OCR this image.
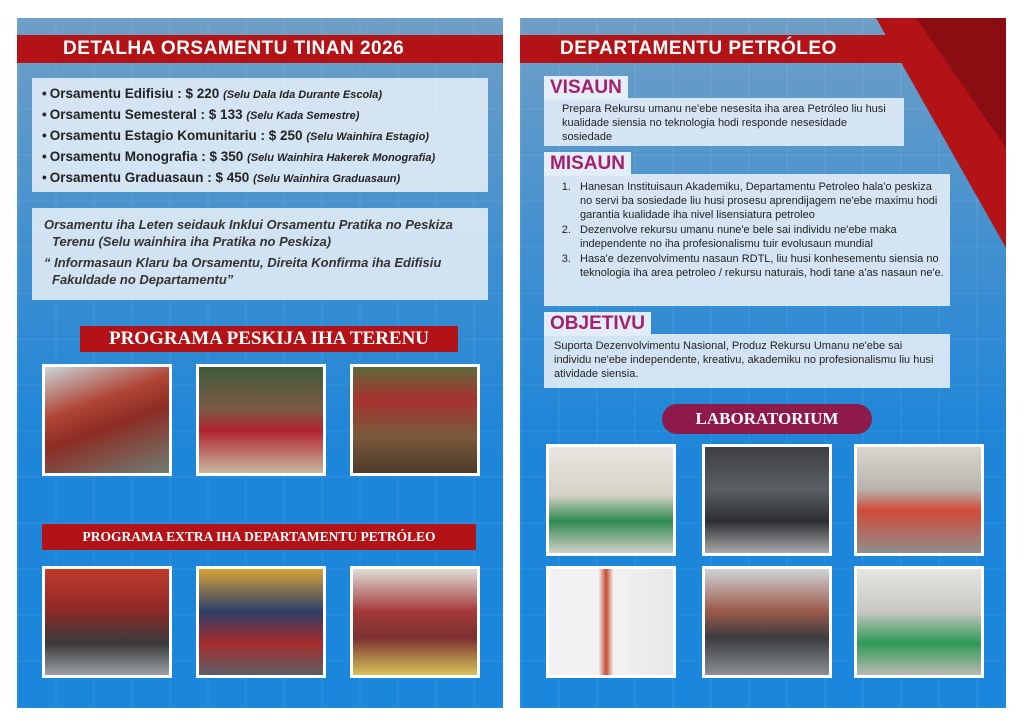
DETALHA ORSAMENTU TINAN 2026
• Orsamentu Edifisiu : $ 220 (Selu Dala Ida Durante Escola)
• Orsamentu Semesteral : $ 133 (Selu Kada Semestre)
• Orsamentu Estagio Komunitariu : $ 250 (Selu Wainhira Estagio)
• Orsamentu Monografia : $ 350 (Selu Wainhira Hakerek Monografia)
• Orsamentu Graduasaun : $ 450 (Selu Wainhira Graduasaun)

Orsamentu iha Leten seidauk Inklui Orsamentu Pratika no Peskiza Terenu (Selu wainhira iha Pratika no Peskiza)

“ Informasaun Klaru ba Orsamentu, Direita Konfirma iha Edifisiu Fakuldade no Departamentu”

PROGRAMA PESKIJA IHA TERENU
PROGRAMA EXTRA IHA DEPARTAMENTU PETRÓLEO
DEPARTAMENTU PETRÓLEO
VISAUN
Prepara Rekursu umanu ne'ebe nesesita iha area Petróleo liu husi kualidade siensia no teknologia hodi responde nesesidade sosiedade
MISAUN
1. Hanesan Instituisaun Akademiku, Departamentu Petroleo hala'o peskiza no servi ba sosiedade liu husi prosesu aprendijagem ne'ebe maximu hodi garantia kualidade iha nivel lisensiatura petroleo
2. Dezenvolve rekursu umanu nune'e bele sai individu ne'ebe maka independente no iha profesionalismu tuir evolusaun mundial
3. Hasa'e dezenvolvimentu nasaun RDTL, liu husi konhesementu siensia no teknologia iha area petroleo / rekursu naturais, hodi tane a'as nasaun ne'e.
OBJETIVU
Suporta Dezenvolvimentu Nasional, Produz Rekursu Umanu ne'ebe sai individu ne'ebe independente, kreativu, akademiku no profesionalismu liu husi atividade siensia.
LABORATORIUM
